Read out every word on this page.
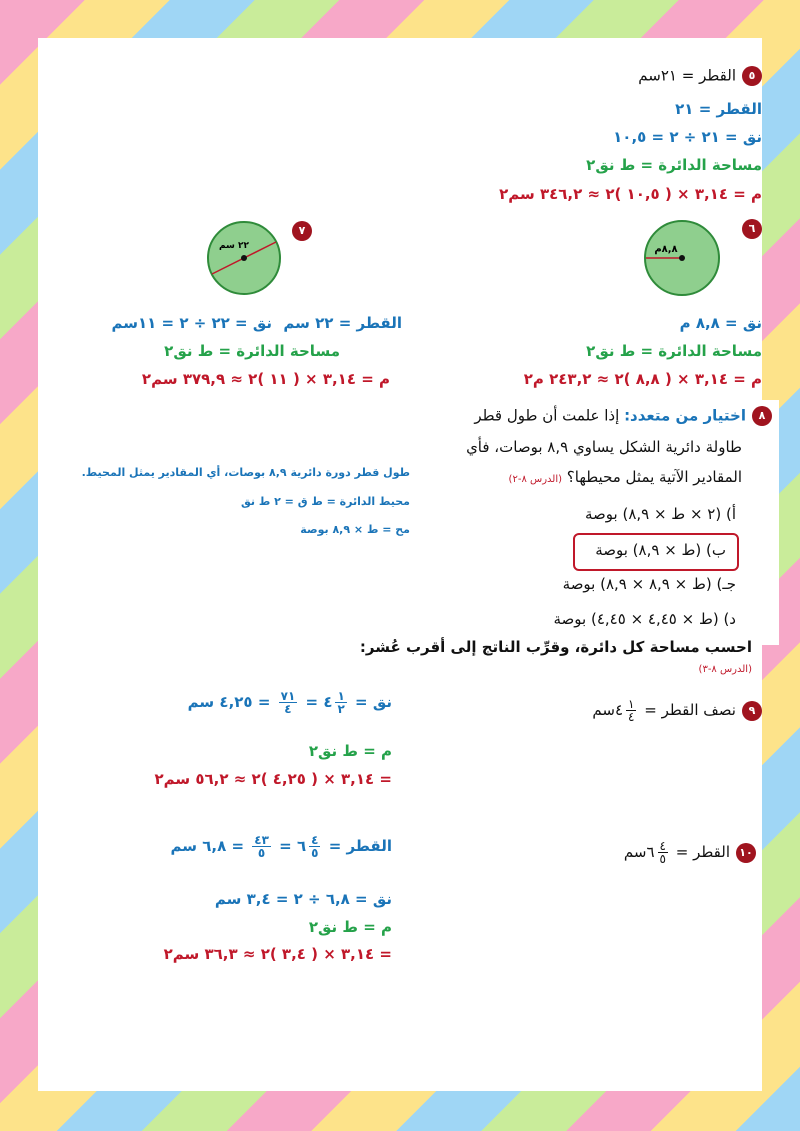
٥القطر = ٢١سم
القطر = ٢١
نق = ٢١ ÷ ٢ = ١٠,٥
مساحة الدائرة = ط نق٢
م = ٣,١٤ × ( ١٠,٥ )٢ ≈ ٣٤٦,٢ سم٢
٦
٨,٨م
٧
٢٢ سم
نق = ٨,٨ م
مساحة الدائرة = ط نق٢
م = ٣,١٤ × ( ٨,٨ )٢ ≈ ٢٤٣,٢ م٢
القطر = ٢٢ سم
نق = ٢٢ ÷ ٢ = ١١سم
مساحة الدائرة = ط نق٢
م = ٣,١٤ × ( ١١ )٢ ≈ ٣٧٩,٩ سم٢
٨اختيار من متعدد: إذا علمت أن طول قطر
طاولة دائرية الشكل يساوي ٨,٩ بوصات، فأي
المقادير الآتية يمثل محيطها؟ (الدرس ٨-٢)
أ) (٢ × ط × ٨,٩) بوصة
ب) (ط × ٨,٩) بوصة
جـ) (ط × ٨,٩ × ٨,٩) بوصة
د) (ط × ٤,٤٥ × ٤,٤٥) بوصة
طول قطر دورة دائرية ٨,٩ بوصات، أي المقادير يمثل المحيط.
محيط الدائرة = ط ق = ٢ ط نق
مح = ط × ٨,٩ بوصة
احسب مساحة كل دائرة، وقرِّب الناتج إلى أقرب عُشر:
(الدرس ٨-٣)
٩نصف القطر =
$\frac{١}{٤}$
٤سم
نق =
$\frac{١}{٢}$
٤ =
$\frac{٧١}{٤}$
= ٤,٢٥ سم
م = ط نق٢
= ٣,١٤ × ( ٤,٢٥ )٢ ≈ ٥٦,٢ سم٢
١٠القطر =
$\frac{٤}{٥}$
٦سم
القطر =
$\frac{٤}{٥}$
٦ =
$\frac{٤٣}{٥}$
= ٦,٨ سم
نق = ٦,٨ ÷ ٢ = ٣,٤ سم
م = ط نق٢
= ٣,١٤ × ( ٣,٤ )٢ ≈ ٣٦,٣ سم٢
